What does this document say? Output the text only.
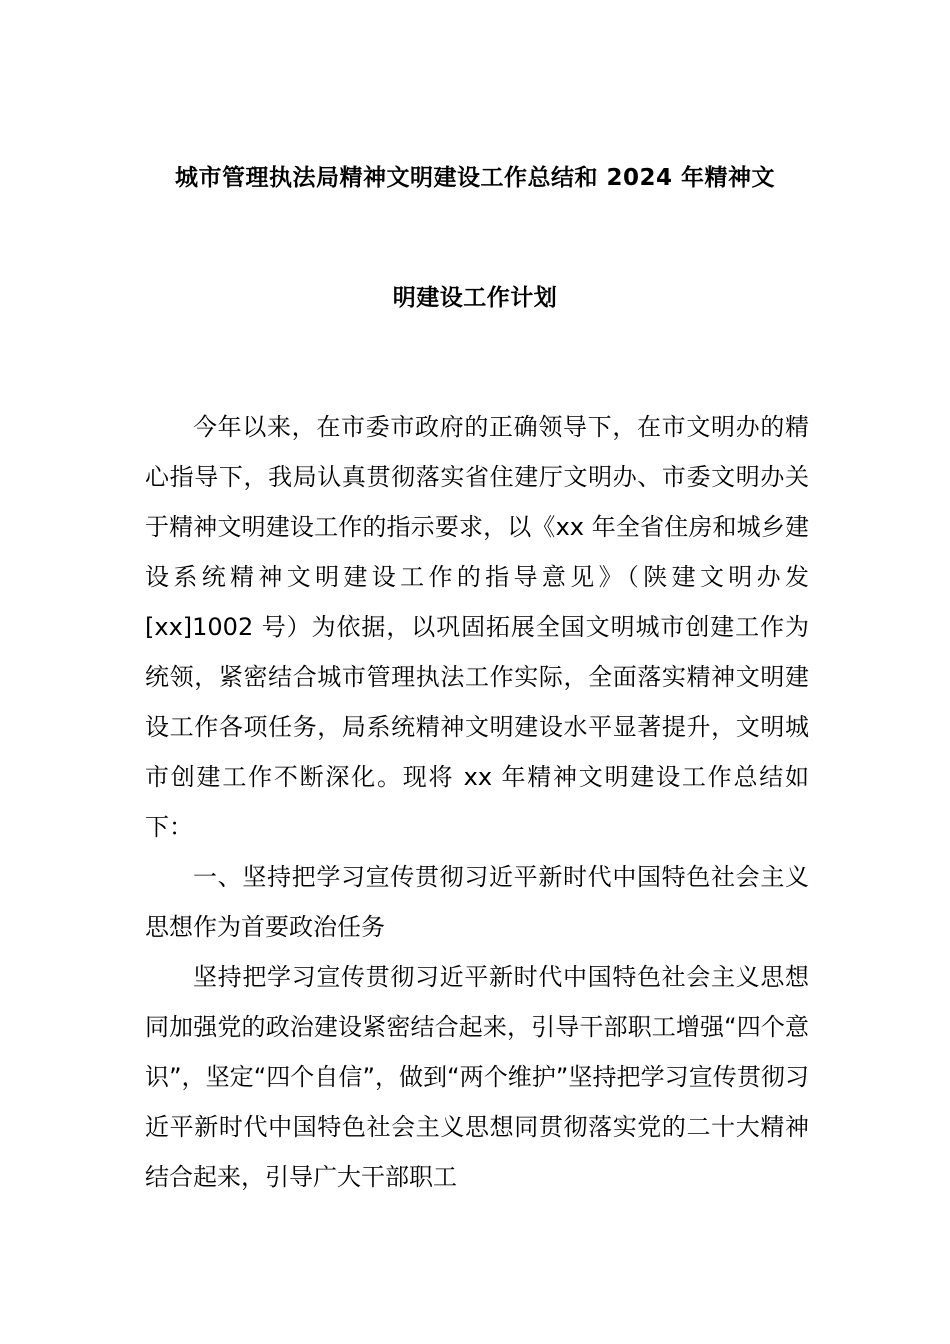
城市管理执法局精神文明建设工作总结和 2024 年精神文
明建设工作计划

今年以来，在市委市政府的正确领导下，在市文明办的精心指导下，我局认真贯彻落实省住建厅文明办、市委文明办关于精神文明建设工作的指示要求，以《xx 年全省住房和城乡建设系统精神文明建设工作的指导意见》（陕建文明办发[xx]1002 号）为依据，以巩固拓展全国文明城市创建工作为统领，紧密结合城市管理执法工作实际，全面落实精神文明建设工作各项任务，局系统精神文明建设水平显著提升，文明城市创建工作不断深化。现将 xx 年精神文明建设工作总结如下：

一、坚持把学习宣传贯彻习近平新时代中国特色社会主义思想作为首要政治任务

坚持把学习宣传贯彻习近平新时代中国特色社会主义思想同加强党的政治建设紧密结合起来，引导干部职工增强“四个意识”，坚定“四个自信”，做到“两个维护”坚持把学习宣传贯彻习近平新时代中国特色社会主义思想同贯彻落实党的二十大精神结合起来，引导广大干部职工
